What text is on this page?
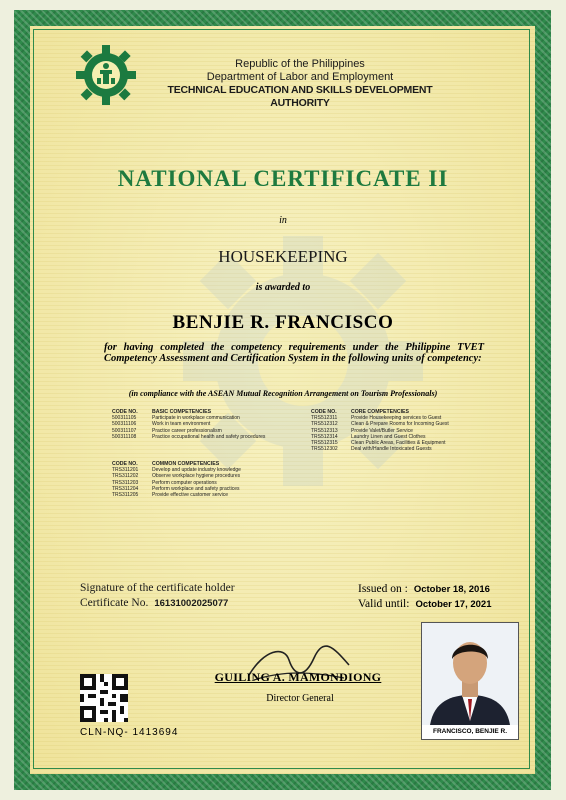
Republic of the Philippines
Department of Labor and Employment
TECHNICAL EDUCATION AND SKILLS DEVELOPMENT AUTHORITY
NATIONAL CERTIFICATE II
in
HOUSEKEEPING
is awarded to
BENJIE R. FRANCISCO
for having completed the competency requirements under the Philippine TVET Competency Assessment and Certification System in the following units of competency:
(in compliance with the ASEAN Mutual Recognition Arrangement on Tourism Professionals)
CODE NO.	BASIC COMPETENCIES
500311105	Participate in workplace communication
500311106	Work in team environment
500311107	Practice career professionalism
500311108	Practice occupational health and safety procedures
CODE NO.	COMMON COMPETENCIES
TRS311201	Develop and update industry knowledge
TRS311202	Observe workplace hygiene procedures
TRS311203	Perform computer operations
TRS311204	Perform workplace and safety practices
TRS311205	Provide effective customer service
CODE NO.	CORE COMPETENCIES
TRS512311	Provide Housekeeping services to Guest
TRS512312	Clean & Prepare Rooms for Incoming Guest
TRS512313	Provide Valet/Butler Service
TRS512314	Laundry Linen and Guest Clothes
TRS512315	Clean Public Areas, Facilities & Equipment
TRS512302	Deal with/Handle Intoxicated Guests
Signature of the certificate holder
Certificate No. 16131002025077
Issued on : October 18, 2016
Valid until: October 17, 2021
GUILING A. MAMONDIONG
Director General
CLN-NQ- 1413694	FRANCISCO, BENJIE R.
